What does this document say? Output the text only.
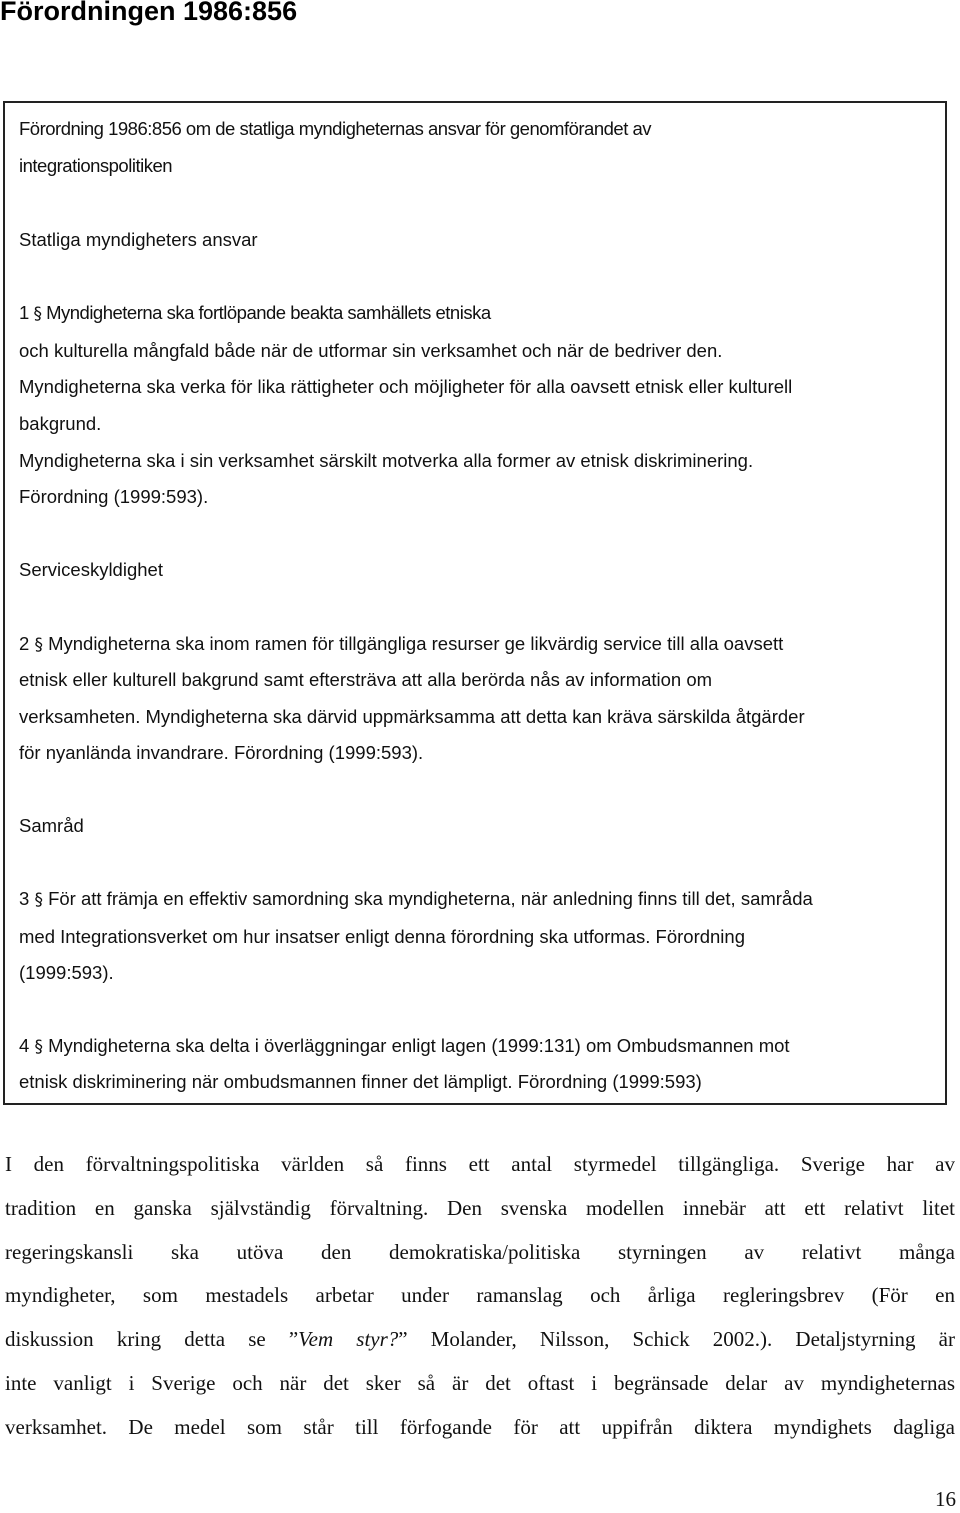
Förordningen 1986:856
Förordning 1986:856 om de statliga myndigheternas ansvar för genomförandet av
integrationspolitiken
Statliga myndigheters ansvar
1 § Myndigheterna ska fortlöpande beakta samhällets etniska
och kulturella mångfald både när de utformar sin verksamhet och när de bedriver den.
Myndigheterna ska verka för lika rättigheter och möjligheter för alla oavsett etnisk eller kulturell
bakgrund.
Myndigheterna ska i sin verksamhet särskilt motverka alla former av etnisk diskriminering.
Förordning (1999:593).
Serviceskyldighet
2 § Myndigheterna ska inom ramen för tillgängliga resurser ge likvärdig service till alla oavsett
etnisk eller kulturell bakgrund samt eftersträva att alla berörda nås av information om
verksamheten. Myndigheterna ska därvid uppmärksamma att detta kan kräva särskilda åtgärder
för nyanlända invandrare. Förordning (1999:593).
Samråd
3 § För att främja en effektiv samordning ska myndigheterna, när anledning finns till det, samråda
med Integrationsverket om hur insatser enligt denna förordning ska utformas. Förordning
(1999:593).
4 § Myndigheterna ska delta i överläggningar enligt lagen (1999:131) om Ombudsmannen mot
etnisk diskriminering när ombudsmannen finner det lämpligt. Förordning (1999:593)
I den förvaltningspolitiska världen så finns ett antal styrmedel tillgängliga. Sverige har av
tradition en ganska självständig förvaltning. Den svenska modellen innebär att ett relativt litet
regeringskansli ska utöva den demokratiska/politiska styrningen av relativt många
myndigheter, som mestadels arbetar under ramanslag och årliga regleringsbrev (För en
diskussion kring detta se ”Vem styr?” Molander, Nilsson, Schick 2002.). Detaljstyrning är
inte vanligt i Sverige och när det sker så är det oftast i begränsade delar av myndigheternas
verksamhet. De medel som står till förfogande för att uppifrån diktera myndighets dagliga
16
